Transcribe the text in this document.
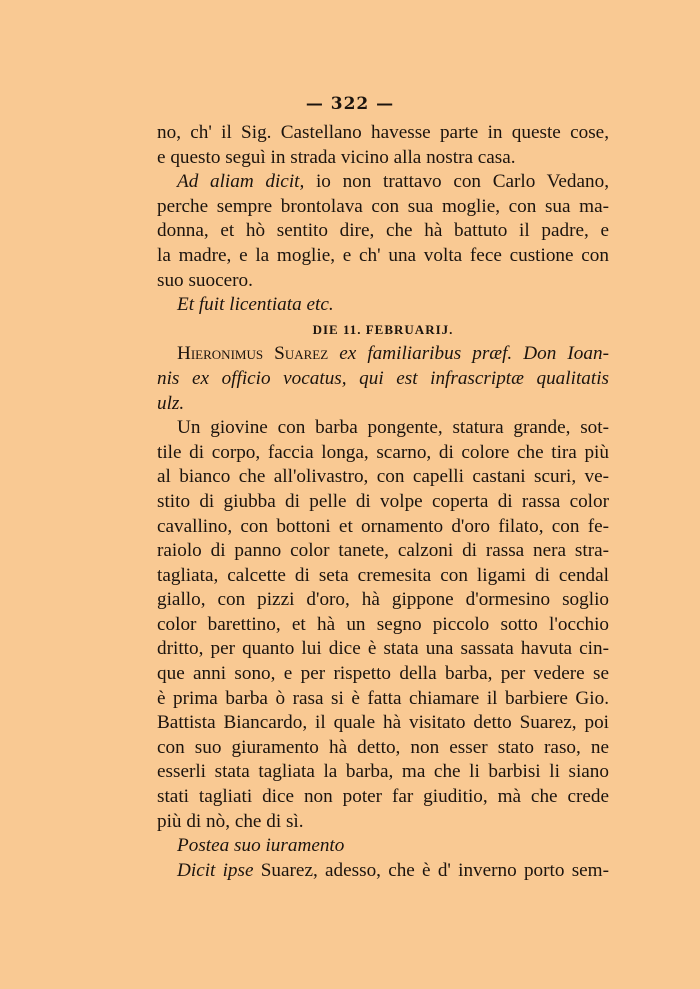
— 322 —
no, ch' il Sig. Castellano havesse parte in queste cose,
e questo seguì in strada vicino alla nostra casa.
Ad aliam dicit, io non trattavo con Carlo Vedano,
perche sempre brontolava con sua moglie, con sua ma-
donna, et hò sentito dire, che hà battuto il padre, e
la madre, e la moglie, e ch' una volta fece custione con
suo suocero.
Et fuit licentiata etc.
DIE 11. FEBRUARIJ.
Hieronimus Suarez ex familiaribus præf. Don Ioan-
nis ex officio vocatus, qui est infrascriptæ qualitatis
ulz.
Un giovine con barba pongente, statura grande, sot-
tile di corpo, faccia longa, scarno, di colore che tira più
al bianco che all'olivastro, con capelli castani scuri, ve-
stito di giubba di pelle di volpe coperta di rassa color
cavallino, con bottoni et ornamento d'oro filato, con fe-
raiolo di panno color tanete, calzoni di rassa nera stra-
tagliata, calcette di seta cremesita con ligami di cendal
giallo, con pizzi d'oro, hà gippone d'ormesino soglio
color barettino, et hà un segno piccolo sotto l'occhio
dritto, per quanto lui dice è stata una sassata havuta cin-
que anni sono, e per rispetto della barba, per vedere se
è prima barba ò rasa si è fatta chiamare il barbiere Gio.
Battista Biancardo, il quale hà visitato detto Suarez, poi
con suo giuramento hà detto, non esser stato raso, ne
esserli stata tagliata la barba, ma che li barbisi li siano
stati tagliati dice non poter far giuditio, mà che crede
più di nò, che di sì.
Postea suo iuramento
Dicit ipse Suarez, adesso, che è d' inverno porto sem-
